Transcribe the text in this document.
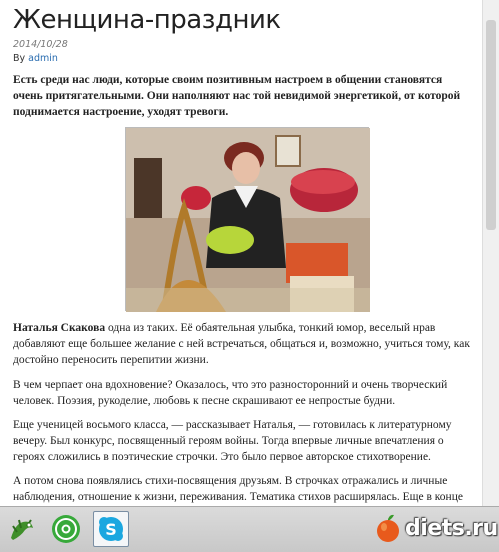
Женщина-праздник
2014/10/28
By admin

Есть среди нас люди, которые своим позитивным настроем в общении становятся очень притягательными. Они наполняют нас той невидимой энергетикой, от которой поднимается настроение, уходят тревоги.

Наталья Скакова одна из таких. Её обаятельная улыбка, тонкий юмор, веселый нрав добавляют еще большее желание с ней встречаться, общаться и, возможно, учиться тому, как достойно переносить перепитии жизни.

В чем черпает она вдохновение? Оказалось, что это разносторонний и очень творческий человек. Поэзия, рукоделие, любовь к песне скрашивают ее непростые будни.

Еще ученицей восьмого класса, — рассказывает Наталья, — готовилась к литературному вечеру. Был конкурс, посвященный героям войны. Тогда впервые личные впечатления о героях сложились в поэтические строчки. Это было первое авторское стихотворение.

А потом снова появлялись стихи-посвящения друзьям. В строчках отражались и личные наблюдения, отношение к жизни, переживания. Тематика стихов расширялась. Еще в конце

S	diets.ru
